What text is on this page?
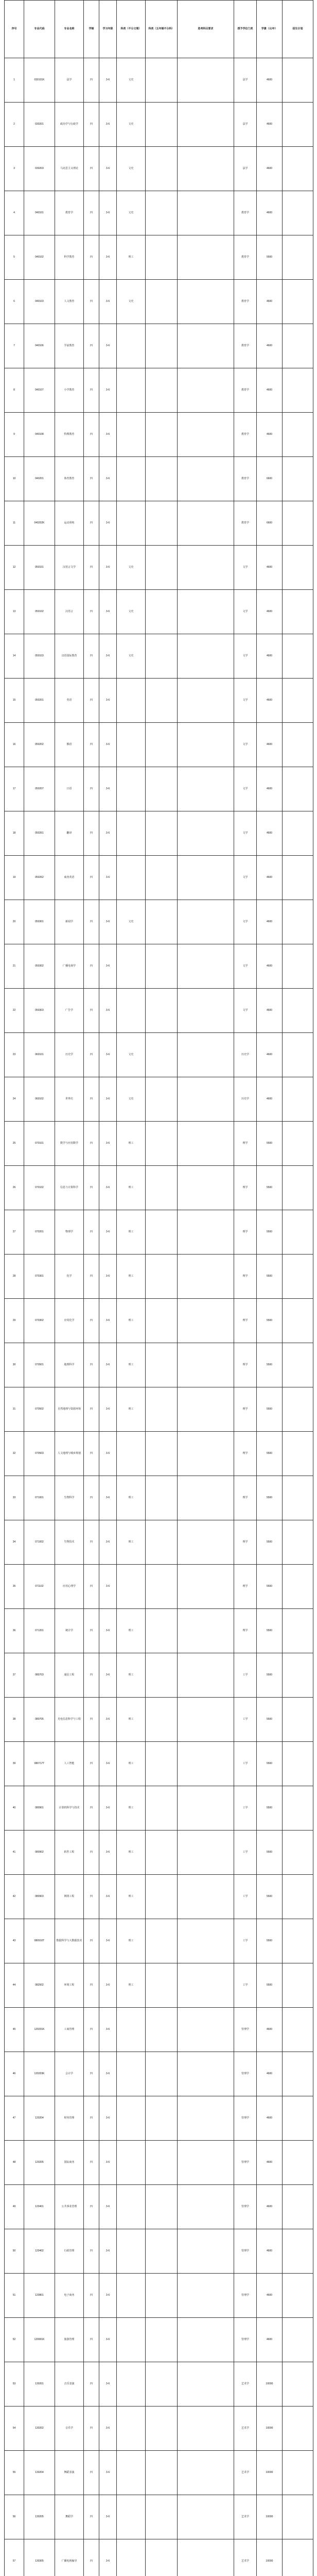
序号	专业代码	专业名称	学制	学习年限	科类（不分文理）	科类（五年制不分科）	选考科目要求	授予学位门类	学费（元/年）	招生计划
1	030101K	法学	四	3-6	文史			法学	4600	
2	030201	政治学与行政学	四	3-6	文史			法学	4600	
3	030203	马克思主义理论	四	3-6	文史			法学	4600	
4	040101	教育学	四	3-6	文史			教育学	4600	
5	040102	科学教育	四	3-6	理工			教育学	5500	
6	040103	人文教育	四	3-6	文史			教育学	4600	
7	040106	学前教育	四	3-6				教育学	4600	
8	040107	小学教育	四	3-6				教育学	4600	
9	040108	特殊教育	四	3-6				教育学	4600	
10	040201	体育教育	四	3-6				教育学	6600	
11	040202K	运动训练	四	3-6				教育学	6600	
12	050101	汉语言文学	四	3-6	文史			文学	4600	
13	050102	汉语言	四	3-6	文史			文学	4600	
14	050103	汉语国际教育	四	3-6	文史			文学	4600	
15	050201	英语	四	3-6				文学	4600	
16	050202	俄语	四	3-6				文学	4600	
17	050207	日语	四	3-6				文学	4600	
18	050261	翻译	四	3-6				文学	4600	
19	050262	商务英语	四	3-6				文学	4600	
20	050301	新闻学	四	3-6	文史			文学	4600	
21	050302	广播电视学	四	3-6				文学	4600	
22	050303	广告学	四	3-6				文学	4600	
23	060101	历史学	四	3-6	文史			历史学	4600	
24	060102	世界史	四	3-6	文史			历史学	4600	
25	070101	数学与应用数学	四	3-6	理工			理学	5500	
26	070102	信息与计算科学	四	3-6	理工			理学	5500	
27	070201	物理学	四	3-6	理工			理学	5500	
28	070301	化学	四	3-6	理工			理学	5500	
29	070302	应用化学	四	3-6	理工			理学	5500	
30	070501	地理科学	四	3-6	理工			理学	5500	
31	070502	自然地理与资源环境	四	3-6	理工			理学	5500	
32	070503	人文地理与城乡规划	四	3-6				理学	5500	
33	071001	生物科学	四	3-6	理工			理学	5500	
34	071002	生物技术	四	3-6	理工			理学	5500	
35	071102	应用心理学	四	3-6				理学	5500	
36	071201	统计学	四	3-6	理工			理学	5500	
37	080703	通信工程	四	3-6	理工			工学	5500	
38	080705	光电信息科学与工程	四	3-6	理工			工学	5500	
39	080717T	人工智能	四	3-6	理工			工学	5500	
40	080901	计算机科学与技术	四	3-6	理工			工学	5500	
41	080902	软件工程	四	3-6	理工			工学	5500	
42	080903	网络工程	四	3-6	理工			工学	5500	
43	080910T	数据科学与大数据技术	四	3-6	理工			工学	5500	
44	082502	环境工程	四	3-6	理工			工学	5500	
45	120201K	工商管理	四	3-6				管理学	4600	
46	120203K	会计学	四	3-6				管理学	4600	
47	120204	财务管理	四	3-6				管理学	4600	
48	120205	国际商务	四	3-6				管理学	4600	
49	120401	公共事业管理	四	3-6				管理学	4600	
50	120402	行政管理	四	3-6				管理学	4600	
51	120801	电子商务	四	3-6				管理学	4600	
52	120901K	旅游管理	四	3-6				管理学	4600	
53	130201	音乐表演	四	3-6				艺术学	10000	
54	130202	音乐学	四	3-6				艺术学	10000	
55	130204	舞蹈表演	四	3-6				艺术学	10000	
56	130205	舞蹈学	四	3-6				艺术学	10000	
57	130305	广播电视编导	四	3-6				艺术学	10000	
